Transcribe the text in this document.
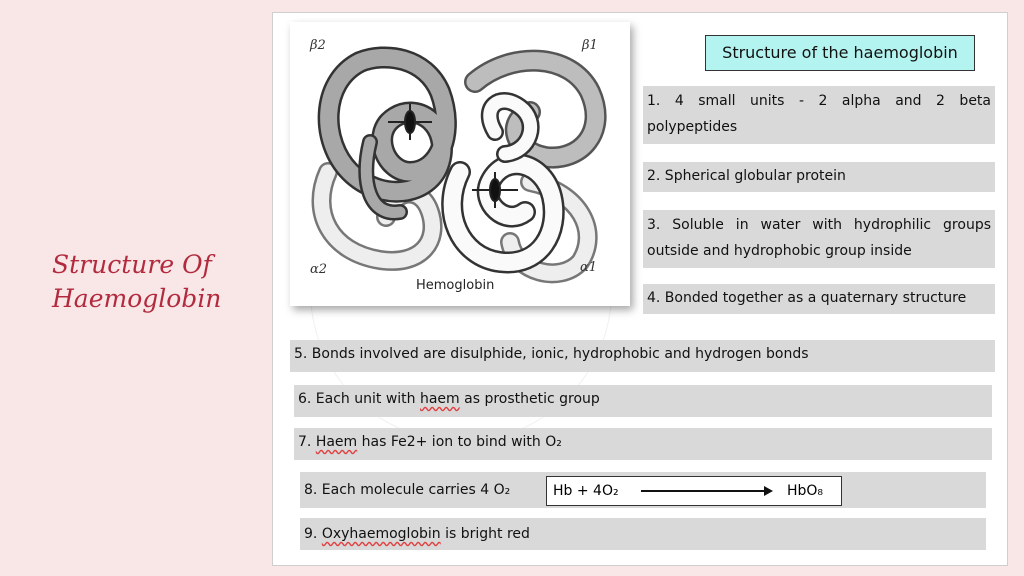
Structure Of
Haemoglobin
β2	β1
α2	α1
Hemoglobin
Structure of the haemoglobin
1. 4 small units - 2 alpha and 2 beta polypeptides
2. Spherical globular protein
3. Soluble in water with hydrophilic groups outside and hydrophobic group inside
4. Bonded together as a quaternary structure
5. Bonds involved are disulphide, ionic, hydrophobic and hydrogen bonds
6. Each unit with haem as prosthetic group
7. Haem has Fe2+ ion to bind with O₂
8. Each molecule carries 4 O₂	Hb + 4O₂	HbO₈
9. Oxyhaemoglobin is bright red
